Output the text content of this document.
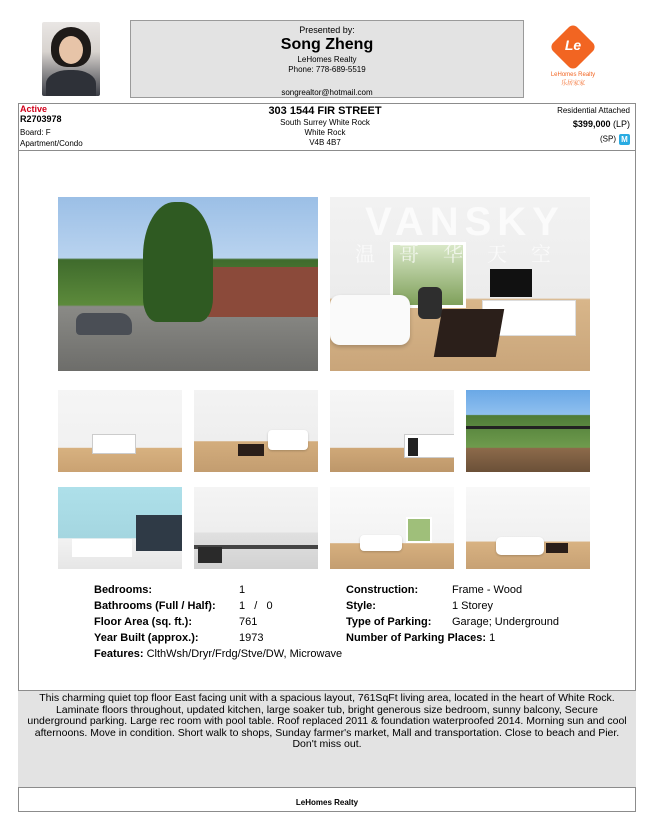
Presented by:
Song Zheng
LeHomes Realty
Phone: 778-689-5519
songrealtor@hotmail.com
Le
LeHomes Realty
乐居家家
Active
R2703978
Board: F
Apartment/Condo
303 1544 FIR STREET
South Surrey White Rock
White Rock
V4B 4B7
Residential Attached
$399,000 (LP)
(SP) M
VANSKY
温哥华天空
Bedrooms:	1
Bathrooms (Full / Half): 1 / 0
Floor Area (sq. ft.):	761
Year Built (approx.):	1973
Features: ClthWsh/Dryr/Frdg/Stve/DW, Microwave
Construction:	Frame - Wood
Style:	1 Storey
Type of Parking: Garage; Underground
Number of Parking Places: 1
This charming quiet top floor East facing unit with a spacious layout, 761SqFt living area, located in the heart of White Rock. Laminate floors throughout, updated kitchen, large soaker tub, bright generous size bedroom, sunny balcony, Secure underground parking. Large rec room with pool table. Roof replaced 2011 & foundation waterproofed 2014. Morning sun and cool afternoons. Move in condition. Short walk to shops, Sunday farmer's market, Mall and transportation. Close to beach and Pier. Don't miss out.
LeHomes Realty
